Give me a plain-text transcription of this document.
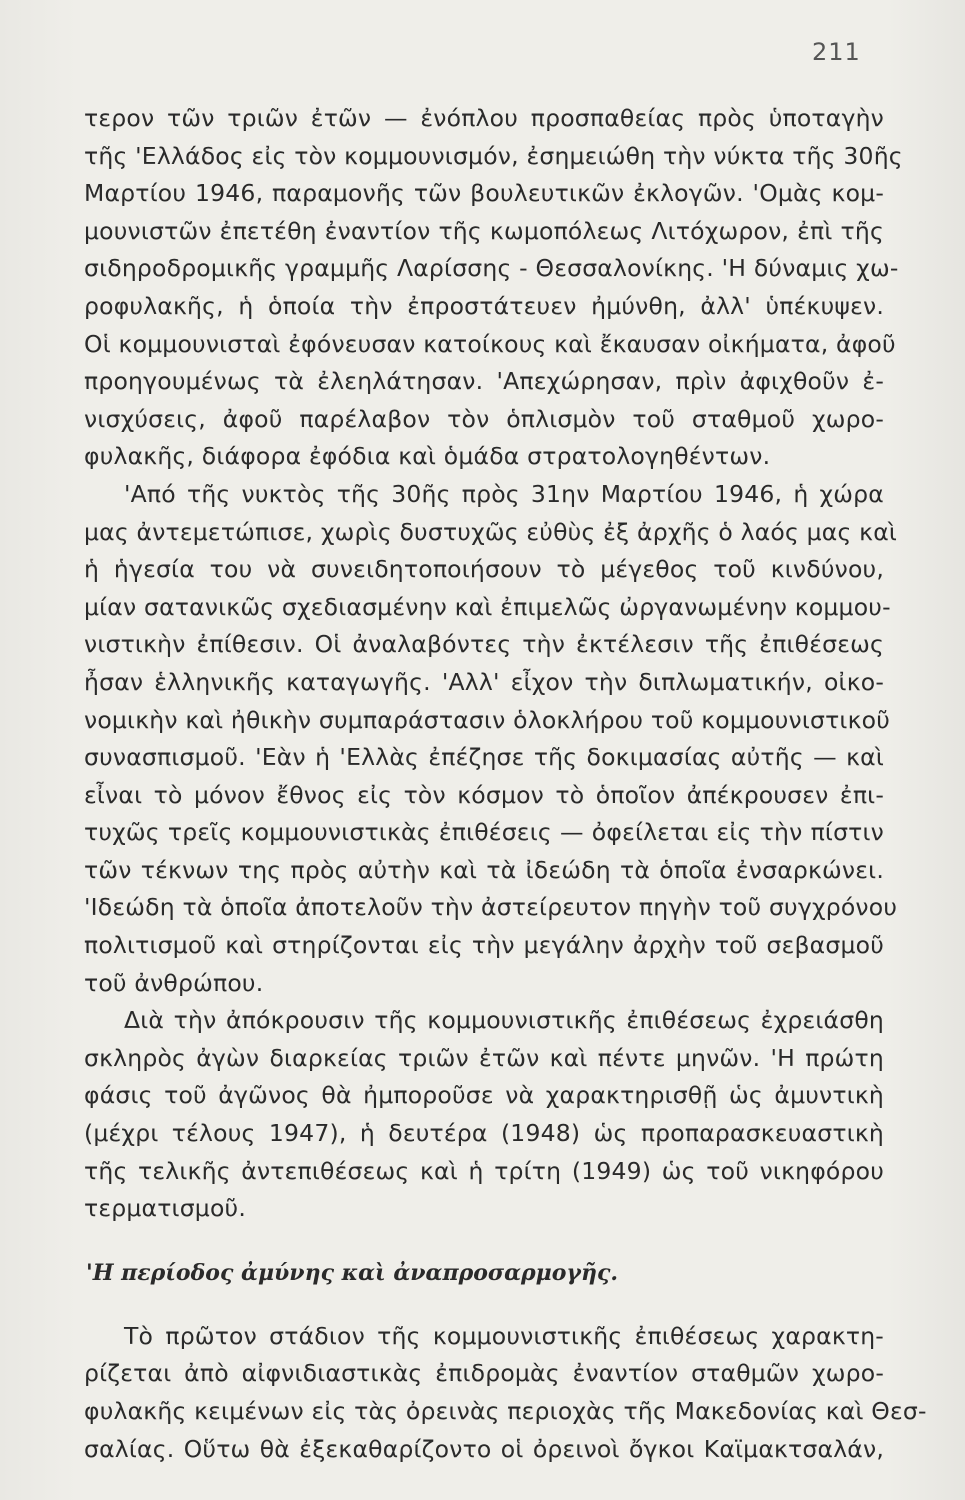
211
τερον τῶν τριῶν ἐτῶν — ἐνόπλου προσπαθείας πρὸς ὑποταγὴν
τῆς 'Ελλάδος εἰς τὸν κομμουνισμόν, ἐσημειώθη τὴν νύκτα τῆς 30ῆς
Μαρτίου 1946, παραμονῆς τῶν βουλευτικῶν ἐκλογῶν. 'Ομὰς κομ-
μουνιστῶν ἐπετέθη ἐναντίον τῆς κωμοπόλεως Λιτόχωρον, ἐπὶ τῆς
σιδηροδρομικῆς γραμμῆς Λαρίσσης - Θεσσαλονίκης. 'Η δύναμις χω-
ροφυλακῆς, ἡ ὁποία τὴν ἐπροστάτευεν ἠμύνθη, ἀλλ' ὑπέκυψεν.
Οἱ κομμουνισταὶ ἐφόνευσαν κατοίκους καὶ ἔκαυσαν οἰκήματα, ἀφοῦ
προηγουμένως τὰ ἐλεηλάτησαν. 'Απεχώρησαν, πρὶν ἀφιχθοῦν ἐ-
νισχύσεις, ἀφοῦ παρέλαβον τὸν ὁπλισμὸν τοῦ σταθμοῦ χωρο-
φυλακῆς, διάφορα ἐφόδια καὶ ὁμάδα στρατολογηθέντων.
'Από τῆς νυκτὸς τῆς 30ῆς πρὸς 31ην Μαρτίου 1946, ἡ χώρα
μας ἀντεμετώπισε, χωρὶς δυστυχῶς εὐθὺς ἐξ ἀρχῆς ὁ λαός μας καὶ
ἡ ἡγεσία του νὰ συνειδητοποιήσουν τὸ μέγεθος τοῦ κινδύνου,
μίαν σατανικῶς σχεδιασμένην καὶ ἐπιμελῶς ὠργανωμένην κομμου-
νιστικὴν ἐπίθεσιν. Οἱ ἀναλαβόντες τὴν ἐκτέλεσιν τῆς ἐπιθέσεως
ἦσαν ἑλληνικῆς καταγωγῆς. 'Αλλ' εἶχον τὴν διπλωματικήν, οἰκο-
νομικὴν καὶ ἠθικὴν συμπαράστασιν ὁλοκλήρου τοῦ κομμουνιστικοῦ
συνασπισμοῦ. 'Εὰν ἡ 'Ελλὰς ἐπέζησε τῆς δοκιμασίας αὐτῆς — καὶ
εἶναι τὸ μόνον ἔθνος εἰς τὸν κόσμον τὸ ὁποῖον ἀπέκρουσεν ἐπι-
τυχῶς τρεῖς κομμουνιστικὰς ἐπιθέσεις — ὀφείλεται εἰς τὴν πίστιν
τῶν τέκνων της πρὸς αὐτὴν καὶ τὰ ἰδεώδη τὰ ὁποῖα ἐνσαρκώνει.
'Ιδεώδη τὰ ὁποῖα ἀποτελοῦν τὴν ἀστείρευτον πηγὴν τοῦ συγχρόνου
πολιτισμοῦ καὶ στηρίζονται εἰς τὴν μεγάλην ἀρχὴν τοῦ σεβασμοῦ
τοῦ ἀνθρώπου.
Διὰ τὴν ἀπόκρουσιν τῆς κομμουνιστικῆς ἐπιθέσεως ἐχρειάσθη
σκληρὸς ἀγὼν διαρκείας τριῶν ἐτῶν καὶ πέντε μηνῶν. 'Η πρώτη
φάσις τοῦ ἀγῶνος θὰ ἠμποροῦσε νὰ χαρακτηρισθῇ ὡς ἀμυντικὴ
(μέχρι τέλους 1947), ἡ δευτέρα (1948) ὡς προπαρασκευαστικὴ
τῆς τελικῆς ἀντεπιθέσεως καὶ ἡ τρίτη (1949) ὡς τοῦ νικηφόρου
τερματισμοῦ.
'Η περίοδος ἀμύνης καὶ ἀναπροσαρμογῆς.
Τὸ πρῶτον στάδιον τῆς κομμουνιστικῆς ἐπιθέσεως χαρακτη-
ρίζεται ἀπὸ αἰφνιδιαστικὰς ἐπιδρομὰς ἐναντίον σταθμῶν χωρο-
φυλακῆς κειμένων εἰς τὰς ὀρεινὰς περιοχὰς τῆς Μακεδονίας καὶ Θεσ-
σαλίας. Οὕτω θὰ ἐξεκαθαρίζοντο οἱ ὀρεινοὶ ὄγκοι Καϊμακτσαλάν,
